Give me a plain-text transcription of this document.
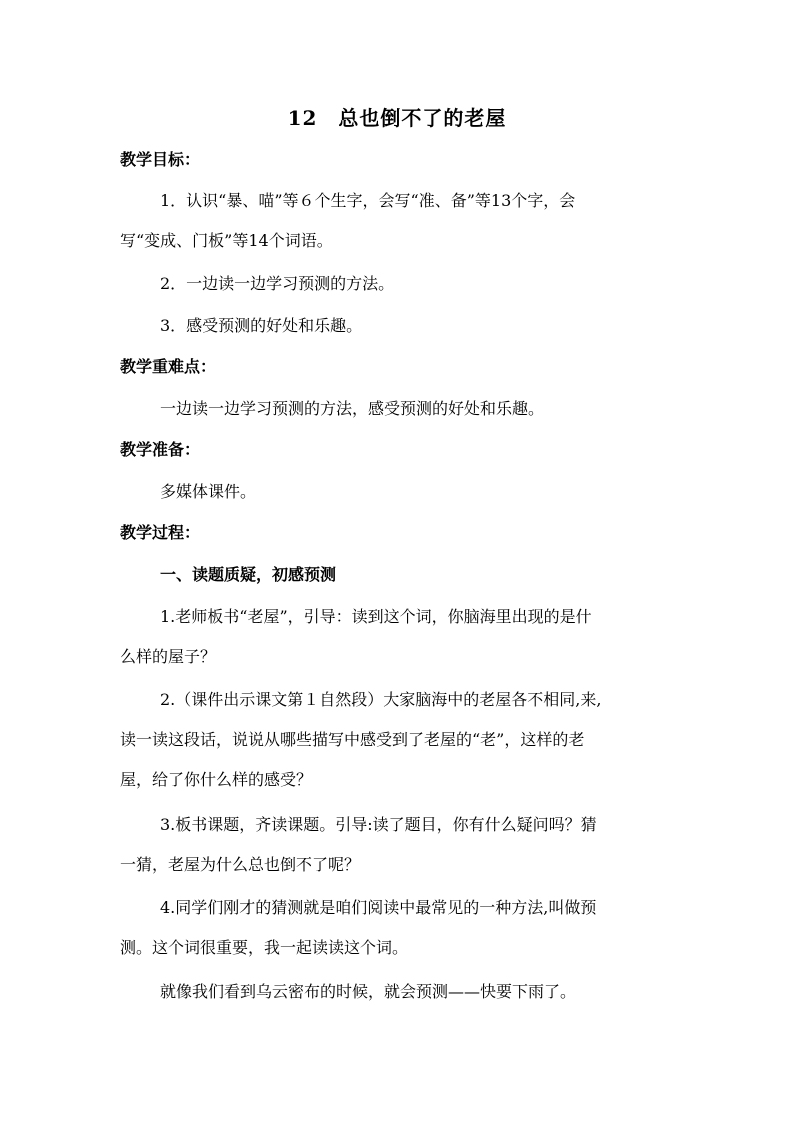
12　总也倒不了的老屋
教学目标：
1．认识“暴、喵”等６个生字，会写“准、备”等13个字，会
写“变成、门板”等14个词语。
2．一边读一边学习预测的方法。
3．感受预测的好处和乐趣。
教学重难点：
一边读一边学习预测的方法，感受预测的好处和乐趣。
教学准备：
多媒体课件。
教学过程：
一、读题质疑，初感预测
1.老师板书“老屋”，引导：读到这个词，你脑海里出现的是什
么样的屋子？
2.（课件出示课文第１自然段）大家脑海中的老屋各不相同,来,
读一读这段话，说说从哪些描写中感受到了老屋的“老”，这样的老
屋，给了你什么样的感受？
3.板书课题，齐读课题。引导:读了题目，你有什么疑问吗？猜
一猜，老屋为什么总也倒不了呢？
4.同学们刚才的猜测就是咱们阅读中最常见的一种方法,叫做预
测。这个词很重要，我一起读读这个词。
就像我们看到乌云密布的时候，就会预测——快要下雨了。
